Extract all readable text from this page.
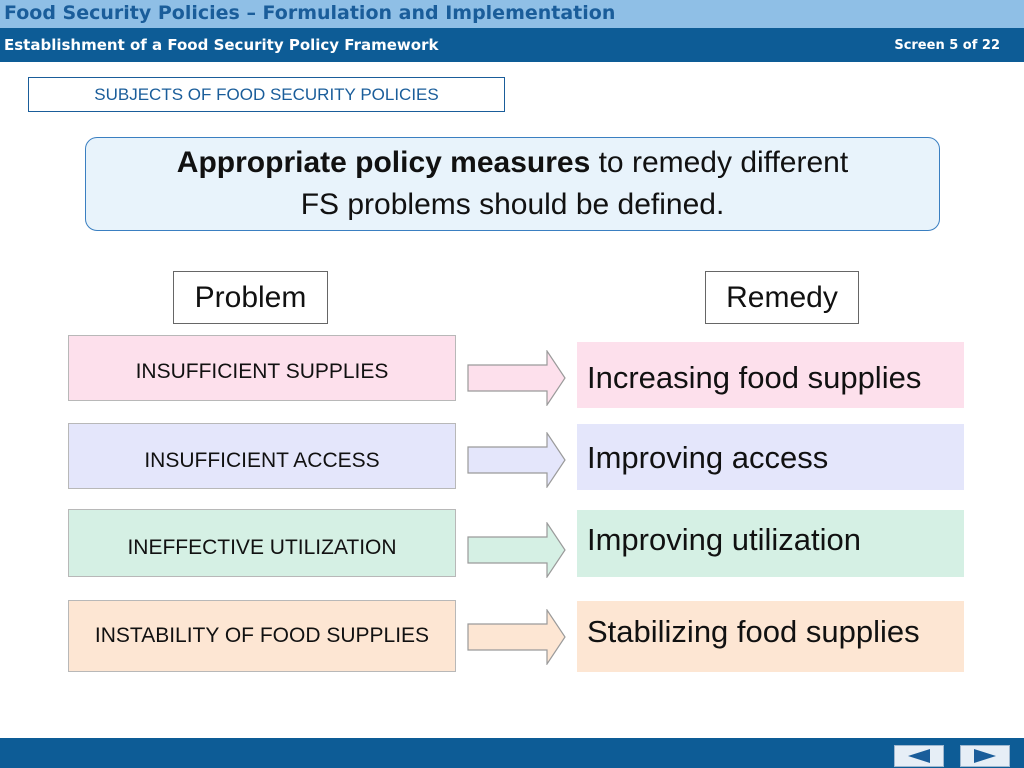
Food Security Policies – Formulation and Implementation
Establishment of a Food Security Policy Framework	Screen 5 of 22
SUBJECTS OF FOOD SECURITY POLICIES
Appropriate policy measures to remedy different
FS problems should be defined.
Problem	Remedy
INSUFFICIENT SUPPLIES	Increasing food supplies
INSUFFICIENT ACCESS	Improving access
INEFFECTIVE UTILIZATION	Improving utilization
INSTABILITY OF FOOD SUPPLIES	Stabilizing food supplies
